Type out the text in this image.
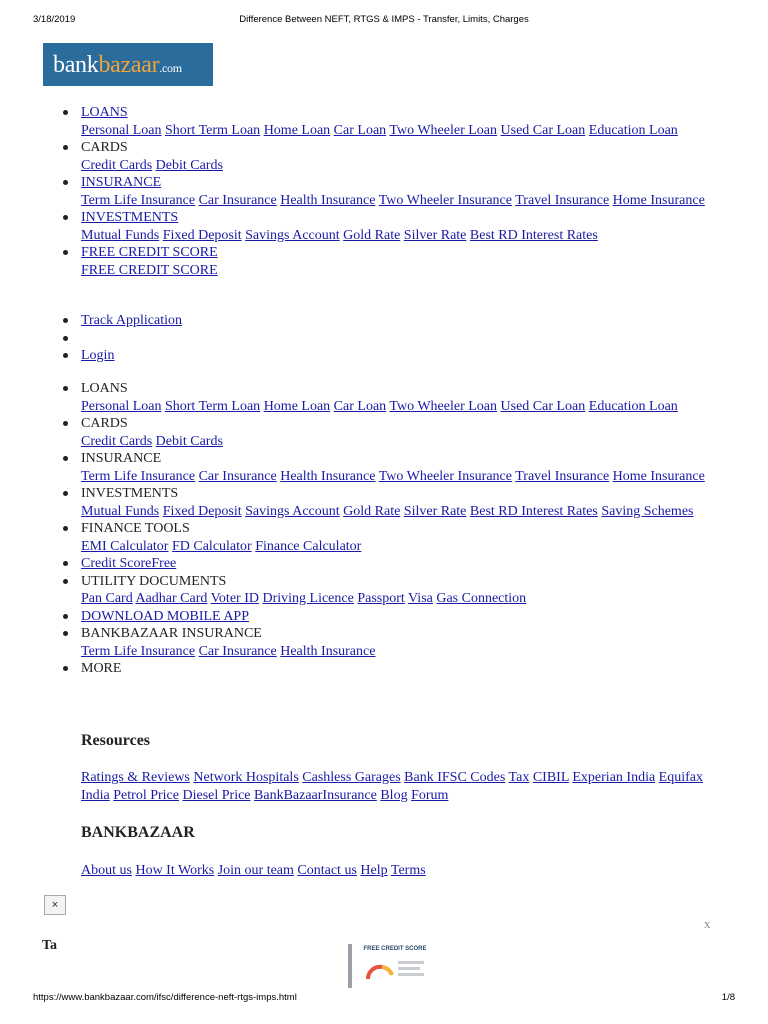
3/18/2019	Difference Between NEFT, RTGS & IMPS - Transfer, Limits, Charges
bankbazaar.com
LOANS
Personal Loan Short Term Loan Home Loan Car Loan Two Wheeler Loan Used Car Loan Education Loan
CARDS
Credit Cards Debit Cards
INSURANCE
Term Life Insurance Car Insurance Health Insurance Two Wheeler Insurance Travel Insurance Home Insurance
INVESTMENTS
Mutual Funds Fixed Deposit Savings Account Gold Rate Silver Rate Best RD Interest Rates
FREE CREDIT SCORE
FREE CREDIT SCORE
Track Application
Login
LOANS
Personal Loan Short Term Loan Home Loan Car Loan Two Wheeler Loan Used Car Loan Education Loan
CARDS
Credit Cards Debit Cards
INSURANCE
Term Life Insurance Car Insurance Health Insurance Two Wheeler Insurance Travel Insurance Home Insurance
INVESTMENTS
Mutual Funds Fixed Deposit Savings Account Gold Rate Silver Rate Best RD Interest Rates Saving Schemes
FINANCE TOOLS
EMI Calculator FD Calculator Finance Calculator
Credit ScoreFree
UTILITY DOCUMENTS
Pan Card Aadhar Card Voter ID Driving Licence Passport Visa Gas Connection
DOWNLOAD MOBILE APP
BANKBAZAAR INSURANCE
Term Life Insurance Car Insurance Health Insurance
MORE
Resources
Ratings & Reviews Network Hospitals Cashless Garages Bank IFSC Codes Tax CIBIL Experian India Equifax India Petrol Price Diesel Price BankBazaarInsurance Blog Forum
BANKBAZAAR
About us How It Works Join our team Contact us Help Terms
×
x
Ta	FREE CREDIT SCORE
https://www.bankbazaar.com/ifsc/difference-neft-rtgs-imps.html	1/8
